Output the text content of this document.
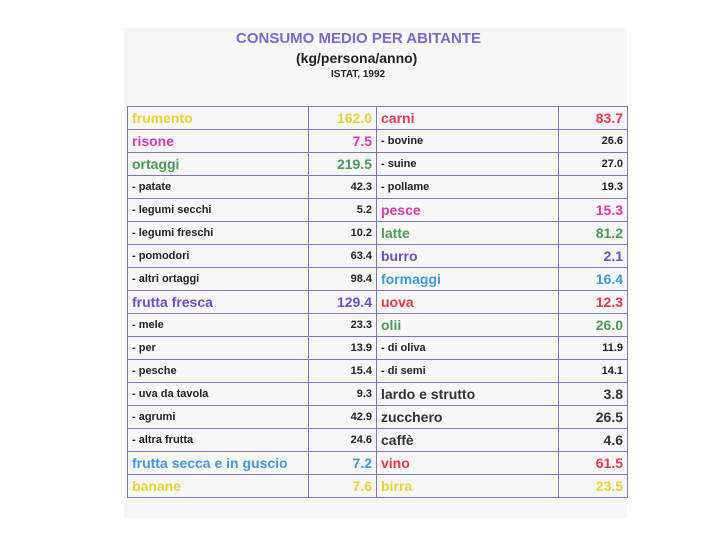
CONSUMO MEDIO PER ABITANTE
(kg/persona/anno)
ISTAT, 1992
frumento	162.0	carni	83.7
risone	7.5	- bovine	26.6
ortaggi	219.5	- suine	27.0
- patate	42.3	- pollame	19.3
- legumi secchi	5.2	pesce	15.3
- legumi freschi	10.2	latte	81.2
- pomodori	63.4	burro	2.1
- altri ortaggi	98.4	formaggi	16.4
frutta fresca	129.4	uova	12.3
- mele	23.3	olii	26.0
- per	13.9	- di oliva	11.9
- pesche	15.4	- di semi	14.1
- uva da tavola	9.3	lardo e strutto	3.8
- agrumi	42.9	zucchero	26.5
- altra frutta	24.6	caffè	4.6
frutta secca e in guscio	7.2	vino	61.5
banane	7.6	birra	23.5
